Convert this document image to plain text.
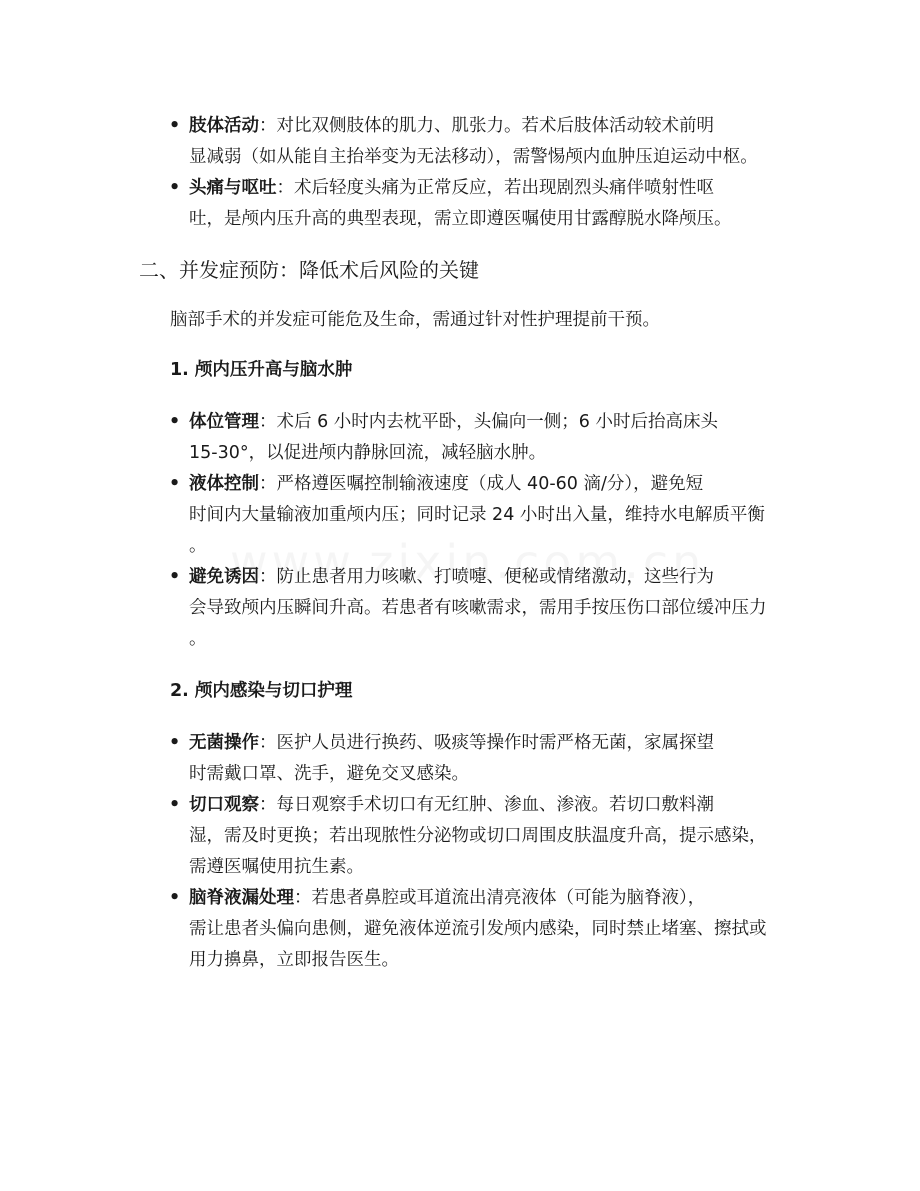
•肢体活动：对比双侧肢体的肌力、肌张力。若术后肢体活动较术前明
显减弱（如从能自主抬举变为无法移动），需警惕颅内血肿压迫运动中枢。
•头痛与呕吐：术后轻度头痛为正常反应，若出现剧烈头痛伴喷射性呕
吐，是颅内压升高的典型表现，需立即遵医嘱使用甘露醇脱水降颅压。
二、并发症预防：降低术后风险的关键
脑部手术的并发症可能危及生命，需通过针对性护理提前干预。
1. 颅内压升高与脑水肿
•体位管理：术后 6 小时内去枕平卧，头偏向一侧；6 小时后抬高床头
15-30°，以促进颅内静脉回流，减轻脑水肿。
•液体控制：严格遵医嘱控制输液速度（成人 40-60 滴/分），避免短
时间内大量输液加重颅内压；同时记录 24 小时出入量，维持水电解质平衡
。
•避免诱因：防止患者用力咳嗽、打喷嚏、便秘或情绪激动，这些行为
会导致颅内压瞬间升高。若患者有咳嗽需求，需用手按压伤口部位缓冲压力
。
2. 颅内感染与切口护理
•无菌操作：医护人员进行换药、吸痰等操作时需严格无菌，家属探望
时需戴口罩、洗手，避免交叉感染。
•切口观察：每日观察手术切口有无红肿、渗血、渗液。若切口敷料潮
湿，需及时更换；若出现脓性分泌物或切口周围皮肤温度升高，提示感染，
需遵医嘱使用抗生素。
•脑脊液漏处理：若患者鼻腔或耳道流出清亮液体（可能为脑脊液），
需让患者头偏向患侧，避免液体逆流引发颅内感染，同时禁止堵塞、擦拭或
用力擤鼻，立即报告医生。
